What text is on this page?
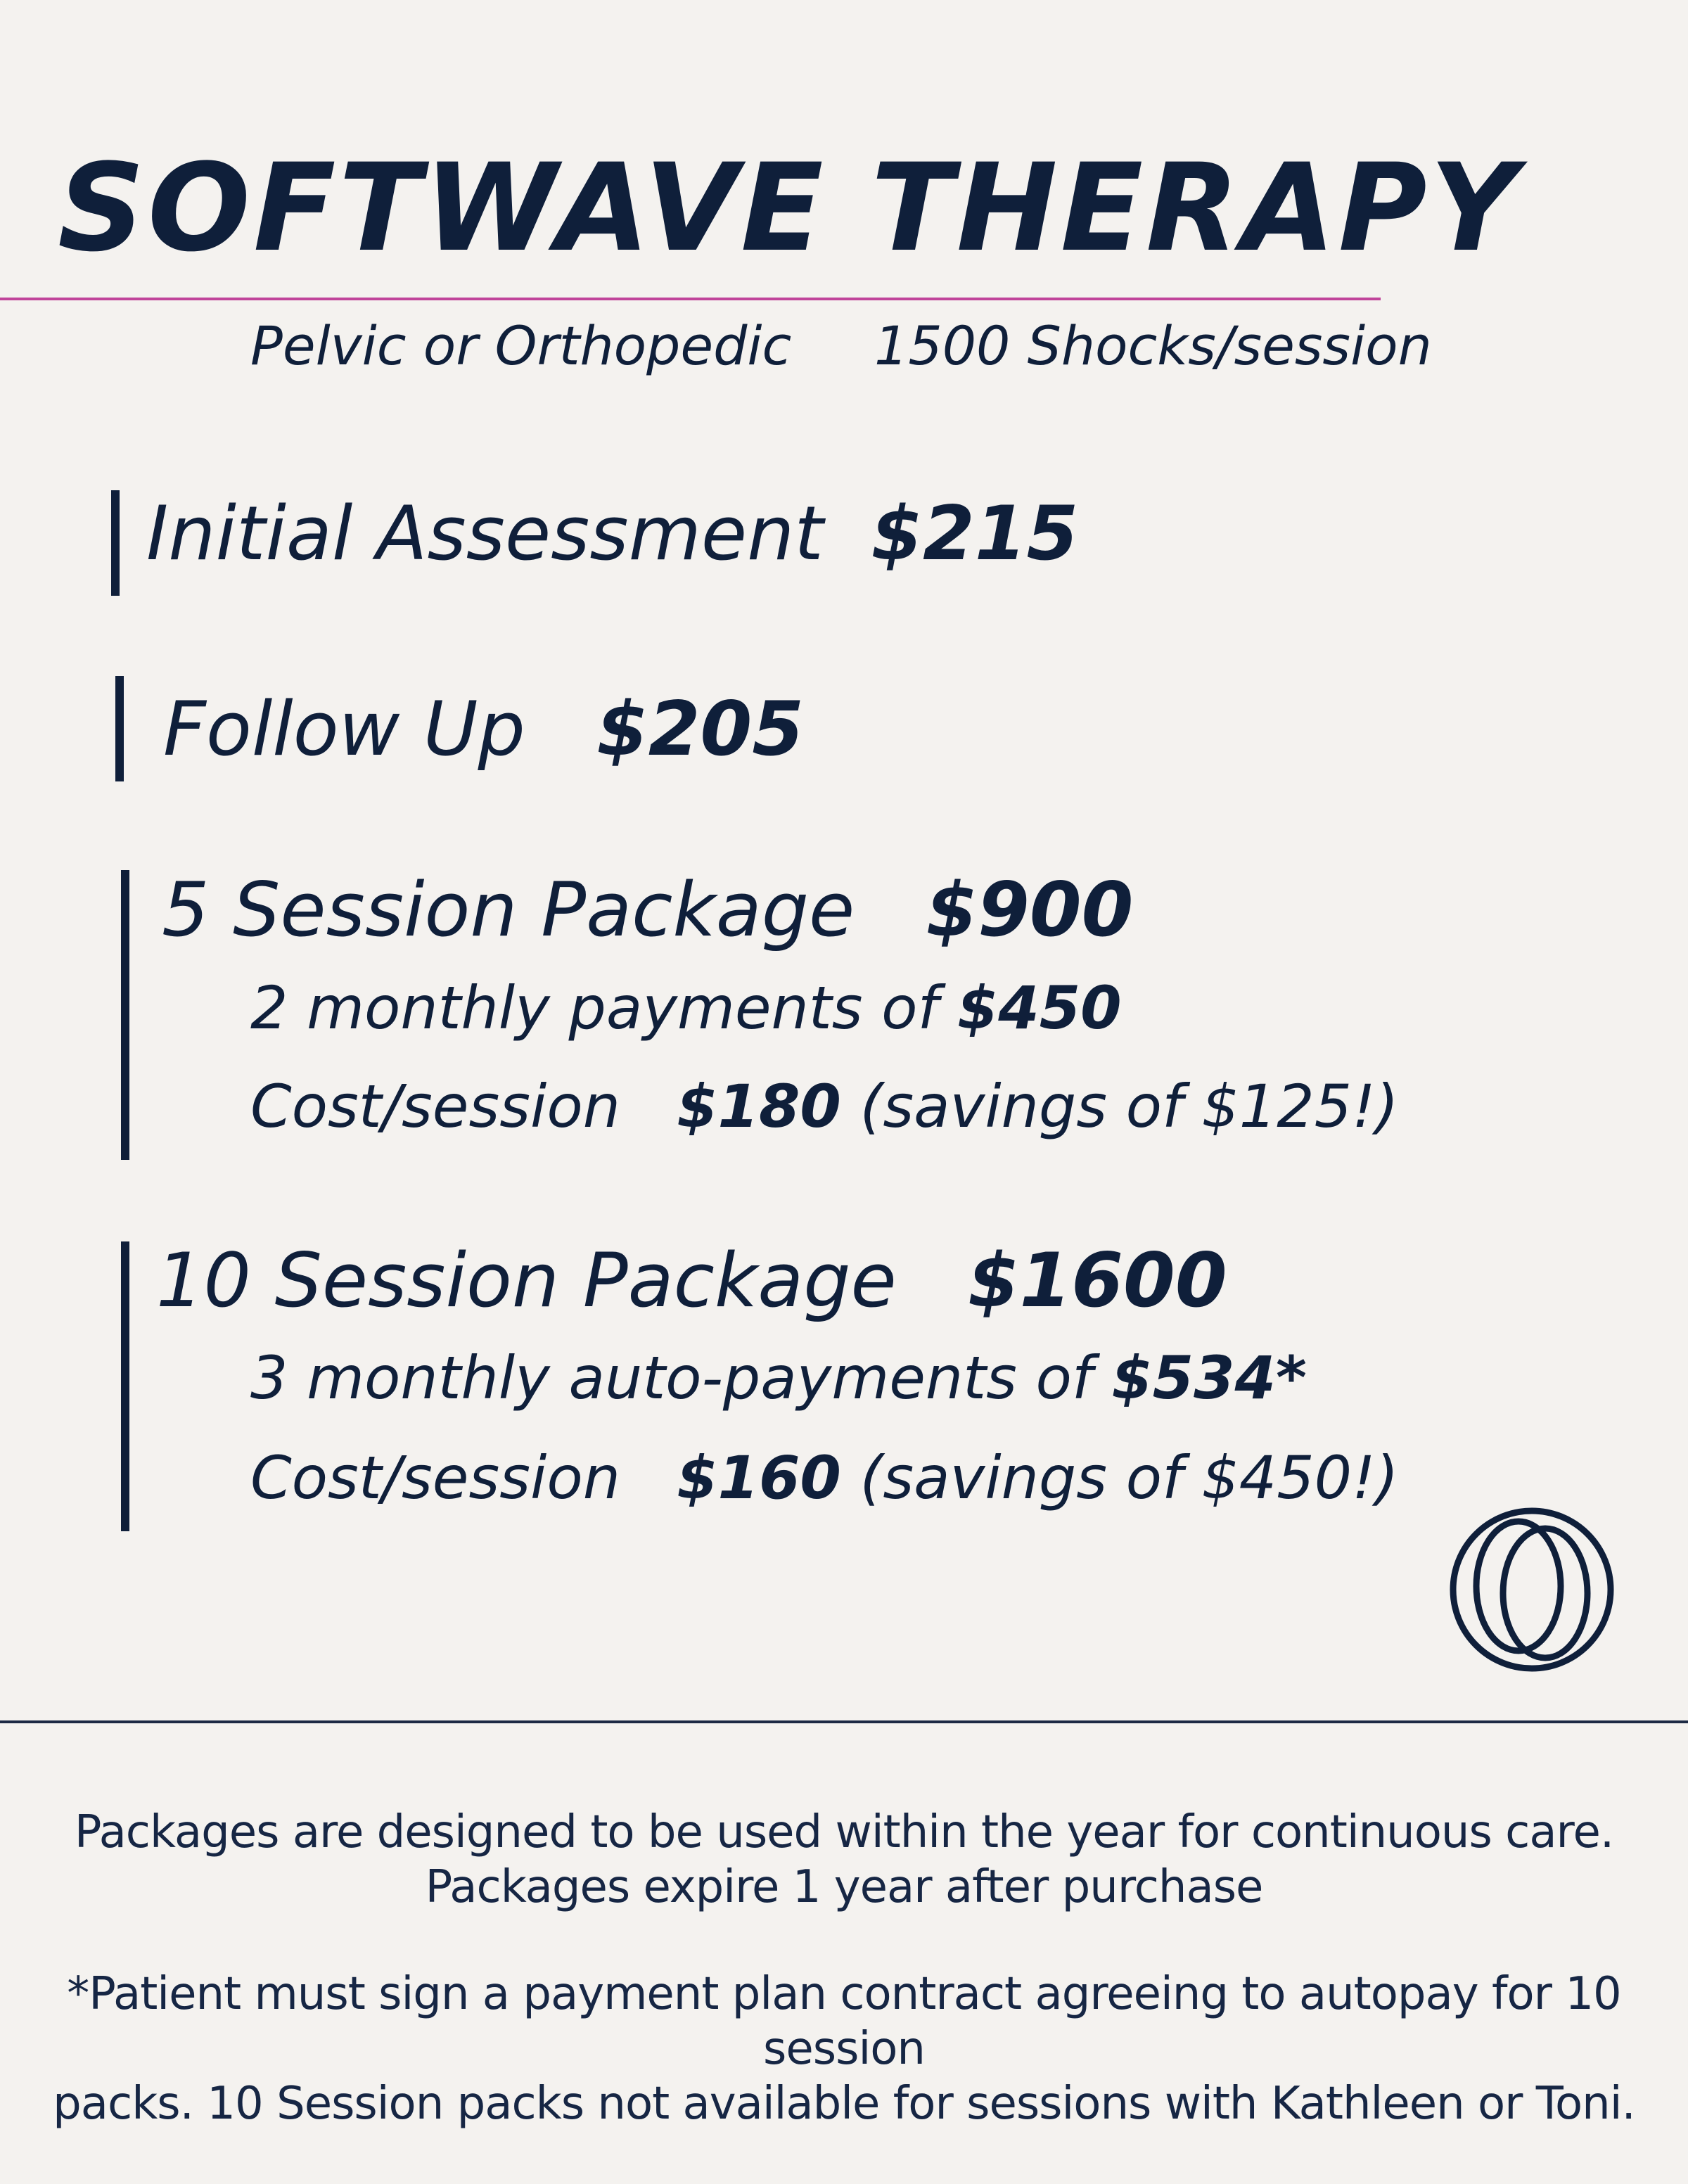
SOFTWAVE THERAPY
Pelvic or Orthopedic 1500 Shocks/session
Initial Assessment $215
Follow Up $205
5 Session Package $900
2 monthly payments of $450
Cost/session $180 (savings of $125!)
10 Session Package $1600
3 monthly auto-payments of $534*
Cost/session $160 (savings of $450!)
Packages are designed to be used within the year for continuous care.
Packages expire 1 year after purchase
*Patient must sign a payment plan contract agreeing to autopay for 10 session
packs. 10 Session packs not available for sessions with Kathleen or Toni.
